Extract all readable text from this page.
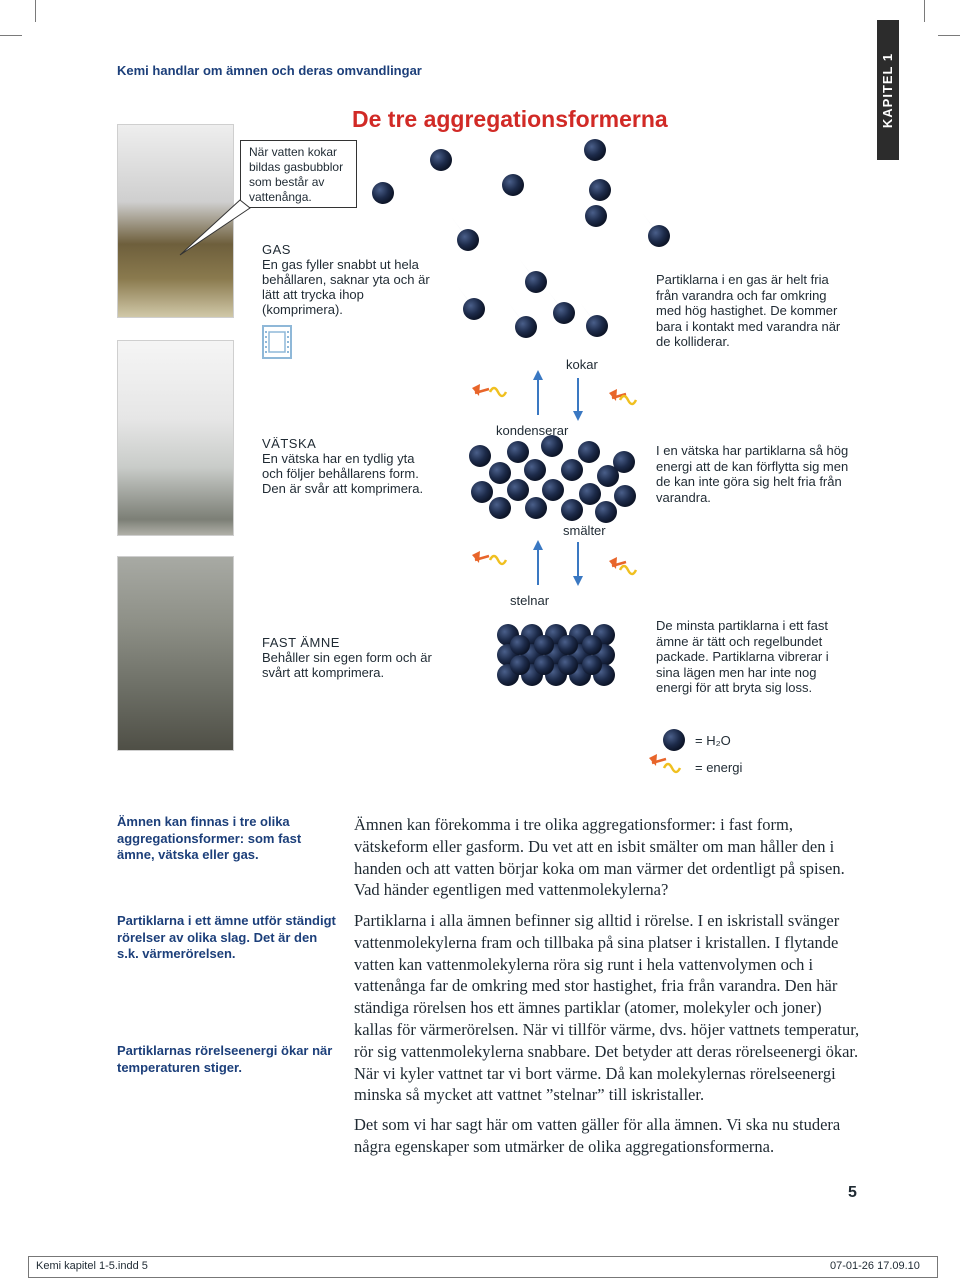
Kemi handlar om ämnen och deras omvandlingar
De tre aggregationsformerna	KAPITEL 1
När vatten kokar bildas gasbubblor som består av vattenånga.
GAS
En gas fyller snabbt ut hela behållaren, saknar yta och är lätt att trycka ihop (komprimera).
VÄTSKA
En vätska har en tydlig yta och följer behållarens form. Den är svår att komprimera.
FAST ÄMNE
Behåller sin egen form och är svårt att komprimera.
Partiklarna i en gas är helt fria från varandra och far omkring med hög hastighet. De kommer bara i kontakt med varandra när de kolliderar.
I en vätska har partiklarna så hög energi att de kan förflytta sig men de kan inte göra sig helt fria från varandra.
De minsta partiklarna i ett fast ämne är tätt och regelbundet packade. Partiklarna vibrerar i sina lägen men har inte nog energi för att bryta sig loss.
kokar
kondenserar
smälter
stelnar
= H₂O
= energi
Ämnen kan finnas i tre olika aggregationsformer: som fast ämne, vätska eller gas.
Partiklarna i ett ämne utför ständigt rörelser av olika slag. Det är den s.k. värmerörelsen.
Partiklarnas rörelseenergi ökar när temperaturen stiger.
Ämnen kan förekomma i tre olika aggregationsformer: i fast form, vätskeform eller gasform. Du vet att en isbit smälter om man håller den i handen och att vatten börjar koka om man värmer det ordentligt på spisen. Vad händer egentligen med vattenmolekylerna?
Partiklarna i alla ämnen befinner sig alltid i rörelse. I en iskristall svänger vattenmolekylerna fram och tillbaka på sina platser i kristallen. I flytande vatten kan vattenmolekylerna röra sig runt i hela vattenvolymen och i vattenånga far de omkring med stor hastighet, fria från varandra. Den här ständiga rörelsen hos ett ämnes partiklar (atomer, molekyler och joner) kallas för värmerörelsen. När vi tillför värme, dvs. höjer vattnets temperatur, rör sig vattenmolekylerna snabbare. Det betyder att deras rörelseenergi ökar. När vi kyler vattnet tar vi bort värme. Då kan molekylernas rörelseenergi minska så mycket att vattnet ”stelnar” till iskristaller.
Det som vi har sagt här om vatten gäller för alla ämnen. Vi ska nu studera några egenskaper som utmärker de olika aggregationsformerna.
5
Kemi kapitel 1-5.indd 5	07-01-26 17.09.10
